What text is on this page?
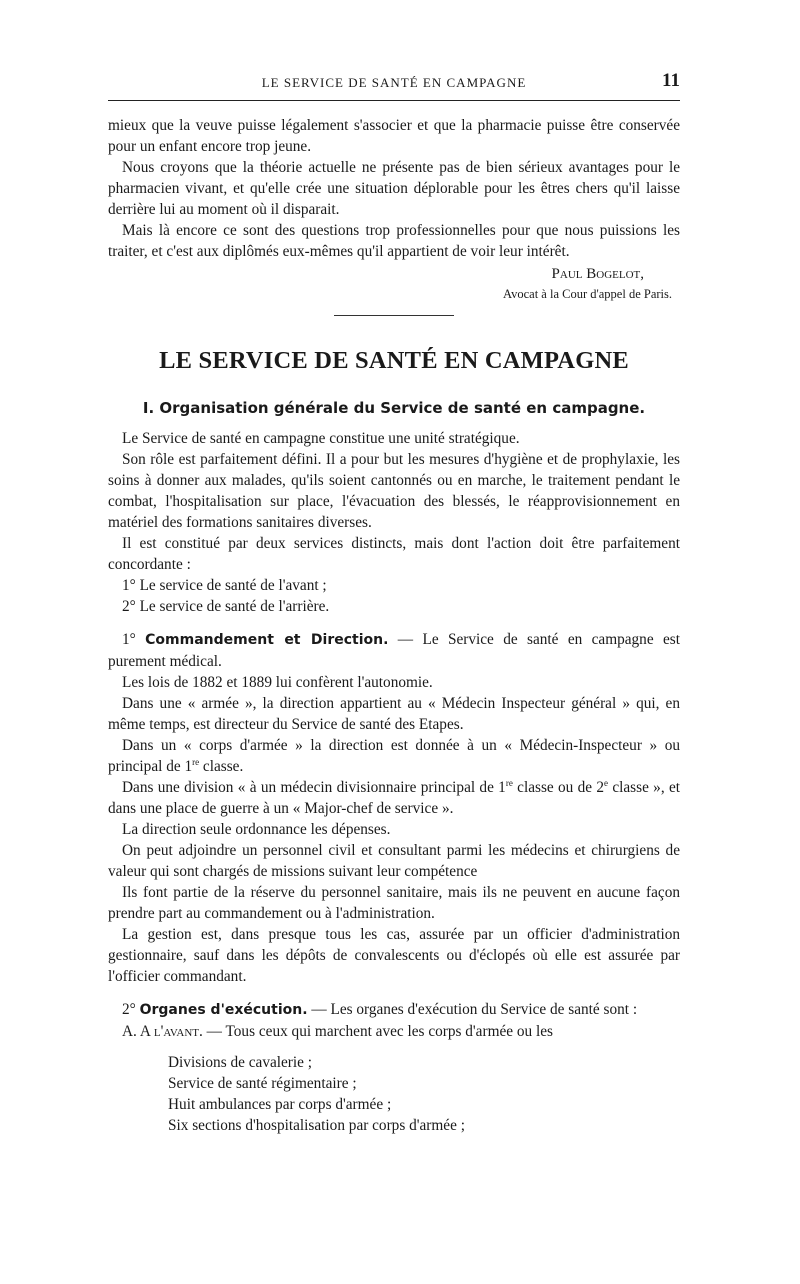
LE SERVICE DE SANTÉ EN CAMPAGNE	11

mieux que la veuve puisse légalement s'associer et que la pharmacie puisse être conservée pour un enfant encore trop jeune.

Nous croyons que la théorie actuelle ne présente pas de bien sérieux avantages pour le pharmacien vivant, et qu'elle crée une situation déplorable pour les êtres chers qu'il laisse derrière lui au moment où il disparait.

Mais là encore ce sont des questions trop professionnelles pour que nous puissions les traiter, et c'est aux diplômés eux-mêmes qu'il appartient de voir leur intérêt.

Paul Bogelot,
Avocat à la Cour d'appel de Paris.
LE SERVICE DE SANTÉ EN CAMPAGNE
I. Organisation générale du Service de santé en campagne.

Le Service de santé en campagne constitue une unité stratégique.

Son rôle est parfaitement défini. Il a pour but les mesures d'hygiène et de prophylaxie, les soins à donner aux malades, qu'ils soient cantonnés ou en marche, le traitement pendant le combat, l'hospitalisation sur place, l'évacuation des blessés, le réapprovisionnement en matériel des formations sanitaires diverses.

Il est constitué par deux services distincts, mais dont l'action doit être parfaitement concordante :

1° Le service de santé de l'avant ;

2° Le service de santé de l'arrière.

1° Commandement et Direction. — Le Service de santé en campagne est purement médical.

Les lois de 1882 et 1889 lui confèrent l'autonomie.

Dans une « armée », la direction appartient au « Médecin Inspecteur général » qui, en même temps, est directeur du Service de santé des Etapes.

Dans un « corps d'armée » la direction est donnée à un « Médecin-Inspecteur » ou principal de 1re classe.

Dans une division « à un médecin divisionnaire principal de 1re classe ou de 2e classe », et dans une place de guerre à un « Major-chef de service ».

La direction seule ordonnance les dépenses.

On peut adjoindre un personnel civil et consultant parmi les médecins et chirurgiens de valeur qui sont chargés de missions suivant leur compétence

Ils font partie de la réserve du personnel sanitaire, mais ils ne peuvent en aucune façon prendre part au commandement ou à l'administration.

La gestion est, dans presque tous les cas, assurée par un officier d'administration gestionnaire, sauf dans les dépôts de convalescents ou d'éclopés où elle est assurée par l'officier commandant.

2° Organes d'exécution. — Les organes d'exécution du Service de santé sont :

A. A l'avant. — Tous ceux qui marchent avec les corps d'armée ou les

Divisions de cavalerie ;
Service de santé régimentaire ;
Huit ambulances par corps d'armée ;
Six sections d'hospitalisation par corps d'armée ;
